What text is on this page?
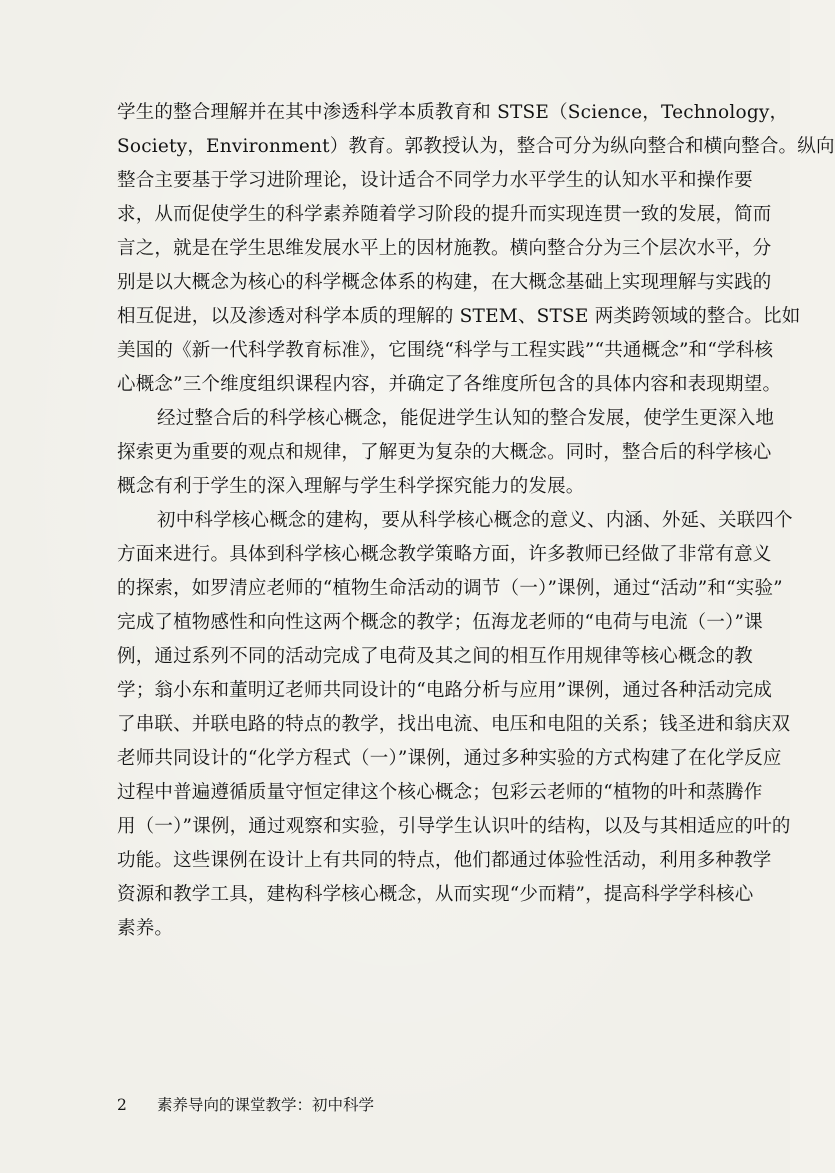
学生的整合理解并在其中渗透科学本质教育和 STSE（Science，Technology，
Society，Environment）教育。郭教授认为，整合可分为纵向整合和横向整合。纵向
整合主要基于学习进阶理论，设计适合不同学力水平学生的认知水平和操作要
求，从而促使学生的科学素养随着学习阶段的提升而实现连贯一致的发展，简而
言之，就是在学生思维发展水平上的因材施教。横向整合分为三个层次水平，分
别是以大概念为核心的科学概念体系的构建，在大概念基础上实现理解与实践的
相互促进，以及渗透对科学本质的理解的 STEM、STSE 两类跨领域的整合。比如
美国的《新一代科学教育标准》，它围绕“科学与工程实践”“共通概念”和“学科核
心概念”三个维度组织课程内容，并确定了各维度所包含的具体内容和表现期望。
经过整合后的科学核心概念，能促进学生认知的整合发展，使学生更深入地
探索更为重要的观点和规律，了解更为复杂的大概念。同时，整合后的科学核心
概念有利于学生的深入理解与学生科学探究能力的发展。
初中科学核心概念的建构，要从科学核心概念的意义、内涵、外延、关联四个
方面来进行。具体到科学核心概念教学策略方面，许多教师已经做了非常有意义
的探索，如罗清应老师的“植物生命活动的调节（一）”课例，通过“活动”和“实验”
完成了植物感性和向性这两个概念的教学；伍海龙老师的“电荷与电流（一）”课
例，通过系列不同的活动完成了电荷及其之间的相互作用规律等核心概念的教
学；翁小东和董明辽老师共同设计的“电路分析与应用”课例，通过各种活动完成
了串联、并联电路的特点的教学，找出电流、电压和电阻的关系；钱圣进和翁庆双
老师共同设计的“化学方程式（一）”课例，通过多种实验的方式构建了在化学反应
过程中普遍遵循质量守恒定律这个核心概念；包彩云老师的“植物的叶和蒸腾作
用（一）”课例，通过观察和实验，引导学生认识叶的结构，以及与其相适应的叶的
功能。这些课例在设计上有共同的特点，他们都通过体验性活动，利用多种教学
资源和教学工具，建构科学核心概念，从而实现“少而精”，提高科学学科核心
素养。
2 素养导向的课堂教学：初中科学
